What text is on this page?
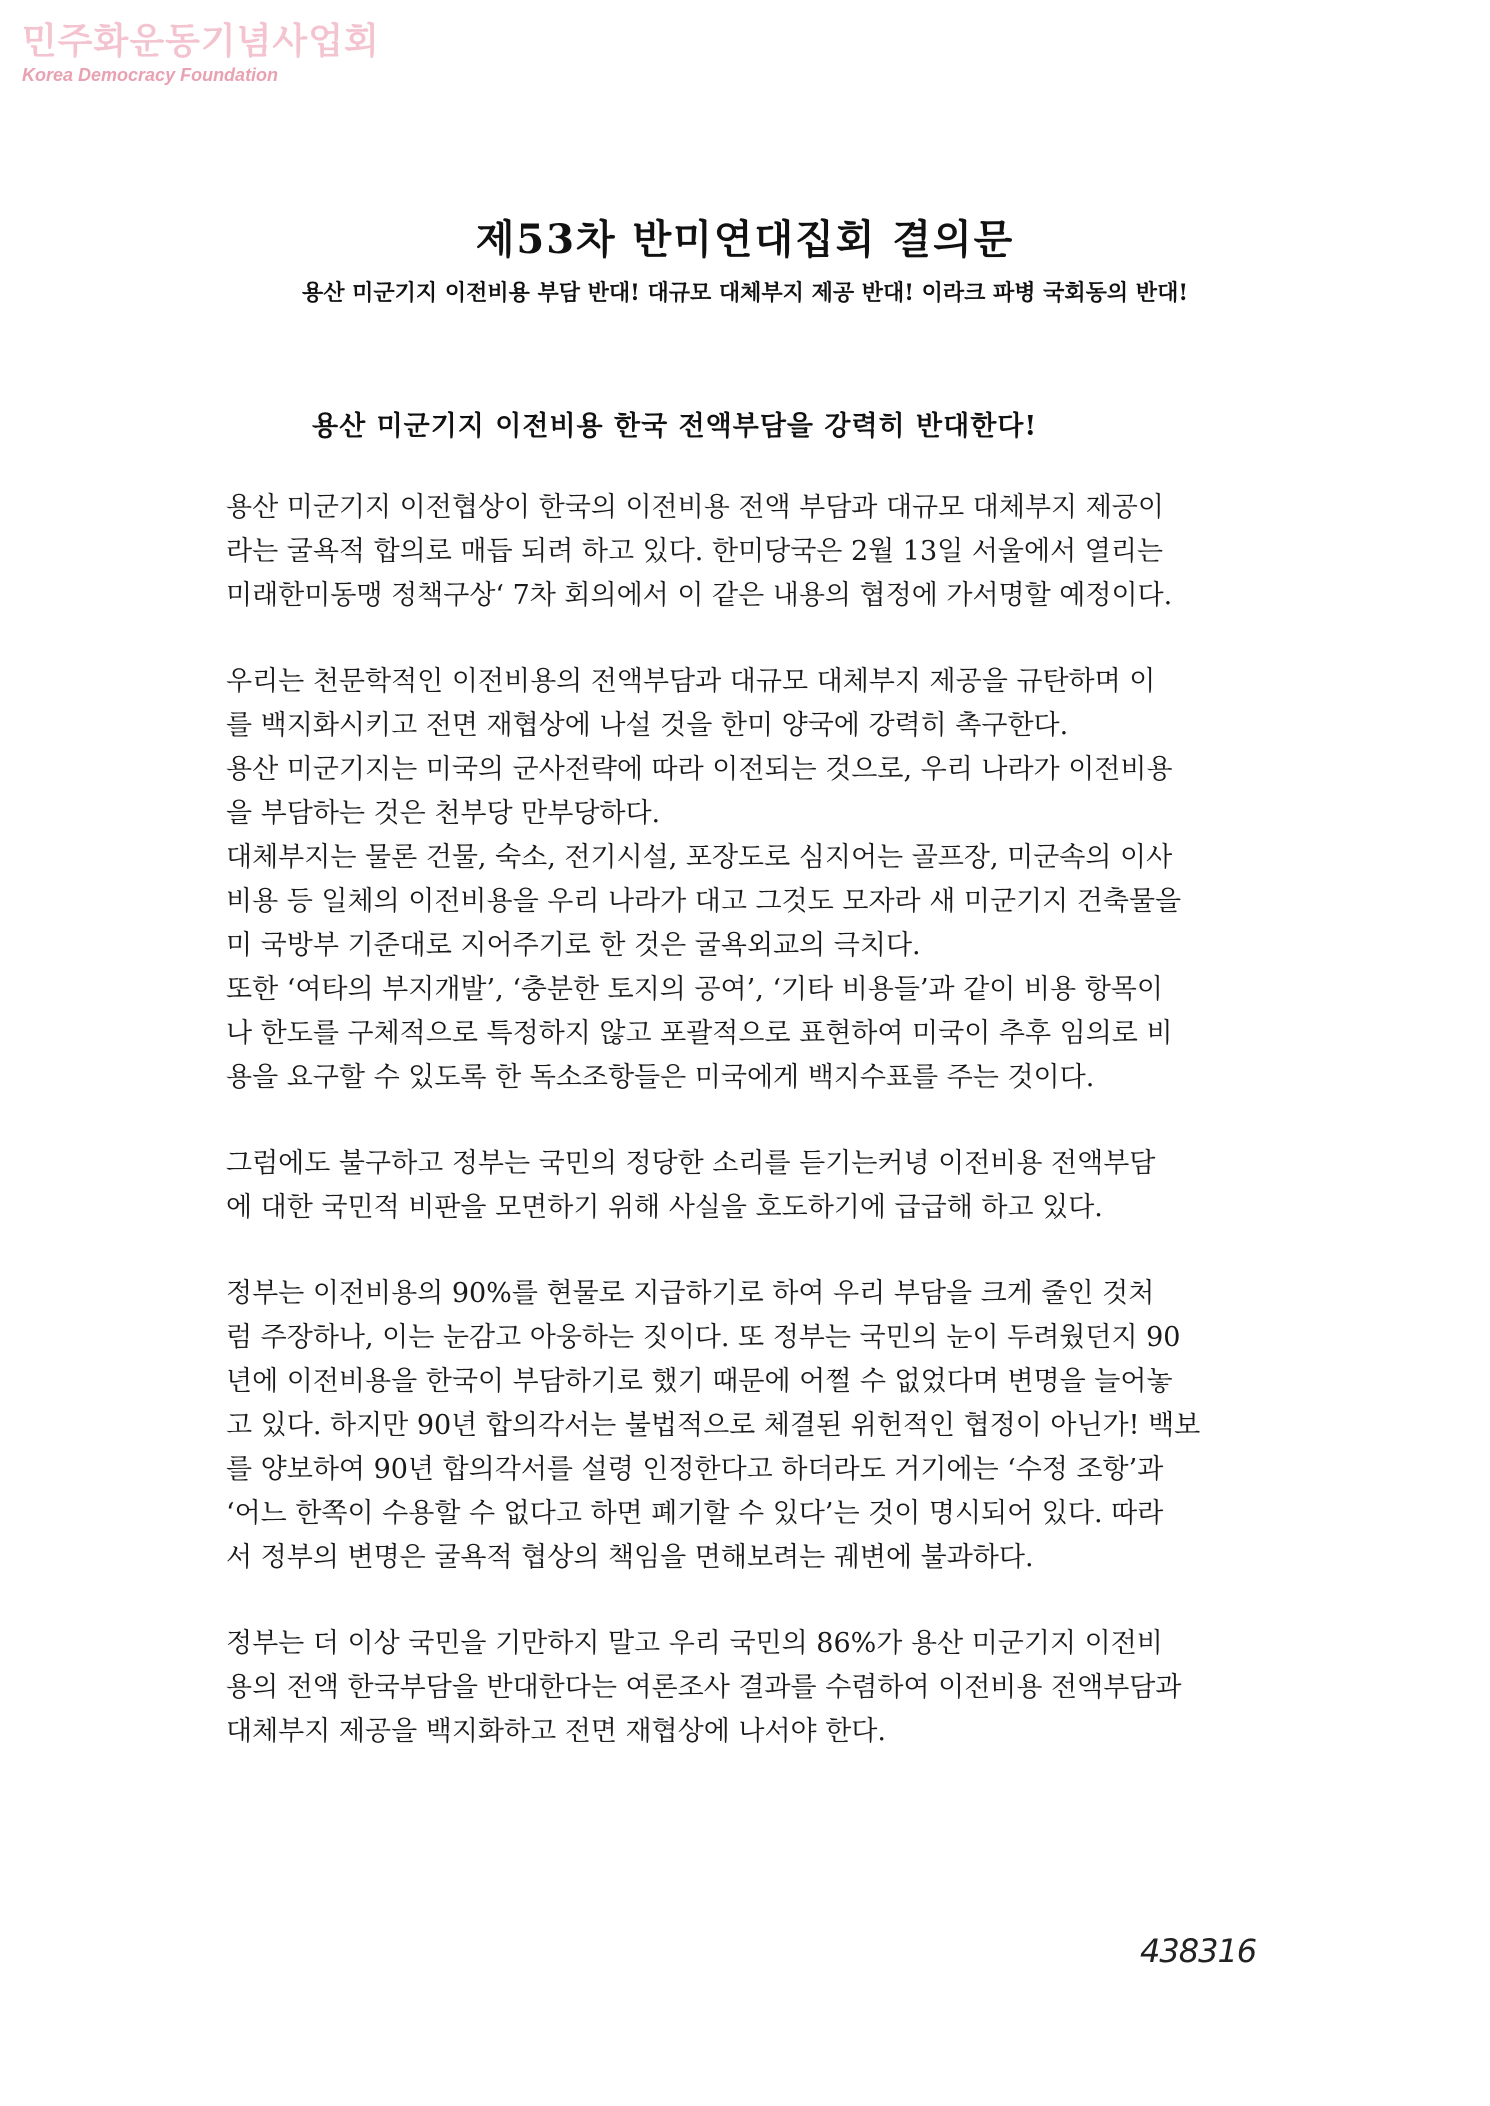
민주화운동기념사업회
Korea Democracy Foundation
제53차 반미연대집회 결의문
용산 미군기지 이전비용 부담 반대! 대규모 대체부지 제공 반대! 이라크 파병 국회동의 반대!
용산 미군기지 이전비용 한국 전액부담을 강력히 반대한다!
용산 미군기지 이전협상이 한국의 이전비용 전액 부담과 대규모 대체부지 제공이
라는 굴욕적 합의로 매듭 되려 하고 있다. 한미당국은 2월 13일 서울에서 열리는
미래한미동맹 정책구상‘ 7차 회의에서 이 같은 내용의 협정에 가서명할 예정이다.
우리는 천문학적인 이전비용의 전액부담과 대규모 대체부지 제공을 규탄하며 이
를 백지화시키고 전면 재협상에 나설 것을 한미 양국에 강력히 촉구한다.
용산 미군기지는 미국의 군사전략에 따라 이전되는 것으로, 우리 나라가 이전비용
을 부담하는 것은 천부당 만부당하다.
대체부지는 물론 건물, 숙소, 전기시설, 포장도로 심지어는 골프장, 미군속의 이사
비용 등 일체의 이전비용을 우리 나라가 대고 그것도 모자라 새 미군기지 건축물을
미 국방부 기준대로 지어주기로 한 것은 굴욕외교의 극치다.
또한 ‘여타의 부지개발’, ‘충분한 토지의 공여’, ‘기타 비용들’과 같이 비용 항목이
나 한도를 구체적으로 특정하지 않고 포괄적으로 표현하여 미국이 추후 임의로 비
용을 요구할 수 있도록 한 독소조항들은 미국에게 백지수표를 주는 것이다.
그럼에도 불구하고 정부는 국민의 정당한 소리를 듣기는커녕 이전비용 전액부담
에 대한 국민적 비판을 모면하기 위해 사실을 호도하기에 급급해 하고 있다.
정부는 이전비용의 90%를 현물로 지급하기로 하여 우리 부담을 크게 줄인 것처
럼 주장하나, 이는 눈감고 아웅하는 짓이다. 또 정부는 국민의 눈이 두려웠던지 90
년에 이전비용을 한국이 부담하기로 했기 때문에 어쩔 수 없었다며 변명을 늘어놓
고 있다. 하지만 90년 합의각서는 불법적으로 체결된 위헌적인 협정이 아닌가! 백보
를 양보하여 90년 합의각서를 설령 인정한다고 하더라도 거기에는 ‘수정 조항’과
‘어느 한쪽이 수용할 수 없다고 하면 폐기할 수 있다’는 것이 명시되어 있다. 따라
서 정부의 변명은 굴욕적 협상의 책임을 면해보려는 궤변에 불과하다.
정부는 더 이상 국민을 기만하지 말고 우리 국민의 86%가 용산 미군기지 이전비
용의 전액 한국부담을 반대한다는 여론조사 결과를 수렴하여 이전비용 전액부담과
대체부지 제공을 백지화하고 전면 재협상에 나서야 한다.
438316
